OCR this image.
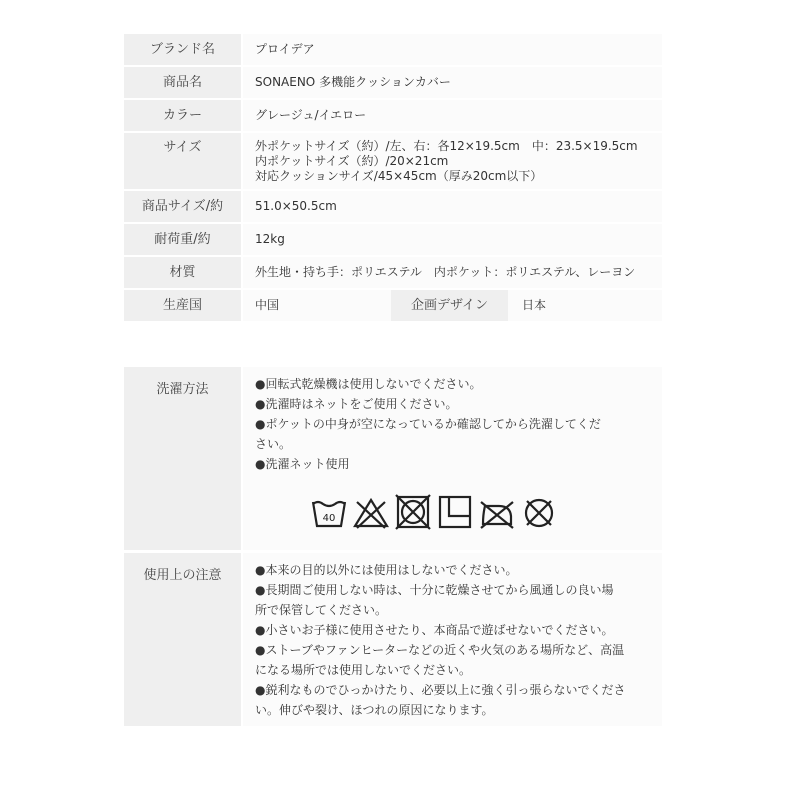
ブランド名	プロイデア
商品名	SONAENO 多機能クッションカバー
カラー	グレージュ/イエロー
サイズ	外ポケットサイズ（約）/左、右：各12×19.5cm　中：23.5×19.5cm
内ポケットサイズ（約）/20×21cm
対応クッションサイズ/45×45cm（厚み20cm以下）
商品サイズ/約	51.0×50.5cm
耐荷重/約	12kg
材質	外生地・持ち手：ポリエステル　内ポケット：ポリエステル、レーヨン
生産国	中国	企画デザイン	日本
洗濯方法	●回転式乾燥機は使用しないでください。
●洗濯時はネットをご使用ください。
●ポケットの中身が空になっているか確認してから洗濯してくだ
さい。
●洗濯ネット使用
40
使用上の注意	●本来の目的以外には使用はしないでください。
●長期間ご使用しない時は、十分に乾燥させてから風通しの良い場
所で保管してください。
●小さいお子様に使用させたり、本商品で遊ばせないでください。
●ストーブやファンヒーターなどの近くや火気のある場所など、高温
になる場所では使用しないでください。
●鋭利なものでひっかけたり、必要以上に強く引っ張らないでくださ
い。伸びや裂け、ほつれの原因になります。
